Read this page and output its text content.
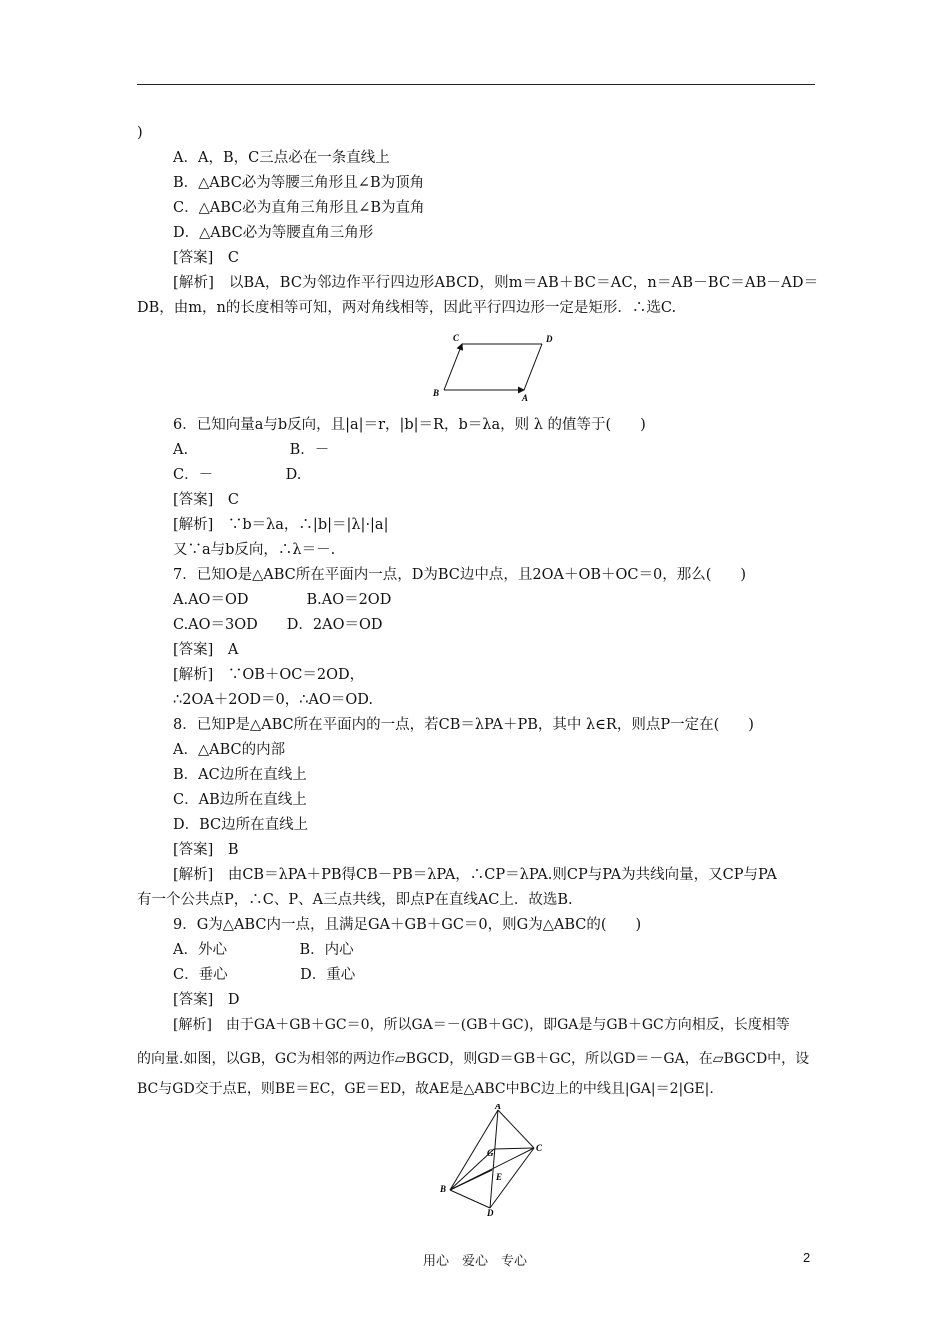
)
A．A，B，C三点必在一条直线上
B．△ABC必为等腰三角形且∠B为顶角
C．△ABC必为直角三角形且∠B为直角
D．△ABC必为等腰直角三角形
[答案]　C
[解析]　以BA，BC为邻边作平行四边形ABCD，则m＝AB＋BC＝AC，n＝AB－BC＝AB－AD＝
DB，由m，n的长度相等可知，两对角线相等，因此平行四边形一定是矩形．∴选C.
6．已知向量a与b反向，且|a|＝r，|b|＝R，b＝λa，则 λ 的值等于(　　)
A.　　　　　　　B．－
C．－　　　　　D.
[答案]　C
[解析]　∵b＝λa，∴|b|＝|λ|·|a|
又∵a与b反向，∴λ＝－.
7．已知O是△ABC所在平面内一点，D为BC边中点，且2OA＋OB＋OC＝0，那么(　　)
A.AO＝OD　　　　B.AO＝2OD
C.AO＝3OD　　D．2AO＝OD
[答案]　A
[解析]　∵OB＋OC＝2OD，
∴2OA＋2OD＝0，∴AO＝OD.
8．已知P是△ABC所在平面内的一点，若CB＝λPA＋PB，其中 λ∈R，则点P一定在(　　)
A．△ABC的内部
B．AC边所在直线上
C．AB边所在直线上
D．BC边所在直线上
[答案]　B
[解析]　由CB＝λPA＋PB得CB－PB＝λPA，∴CP＝λPA.则CP与PA为共线向量，又CP与PA
有一个公共点P，∴C、P、A三点共线，即点P在直线AC上．故选B.
9．G为△ABC内一点，且满足GA＋GB＋GC＝0，则G为△ABC的(　　)
A．外心　　　　　B．内心
C．垂心　　　　　D．重心
[答案]　D
[解析]　由于GA＋GB＋GC＝0，所以GA＝－(GB＋GC)，即GA是与GB＋GC方向相反，长度相等
的向量.如图，以GB，GC为相邻的两边作▱BGCD，则GD＝GB＋GC，所以GD＝－GA，在▱BGCD中，设
BC与GD交于点E，则BE＝EC，GE＝ED，故AE是△ABC中BC边上的中线且|GA|＝2|GE|.
C	D
B	A
A
G	C
E
B
D
用心　爱心　专心	2
